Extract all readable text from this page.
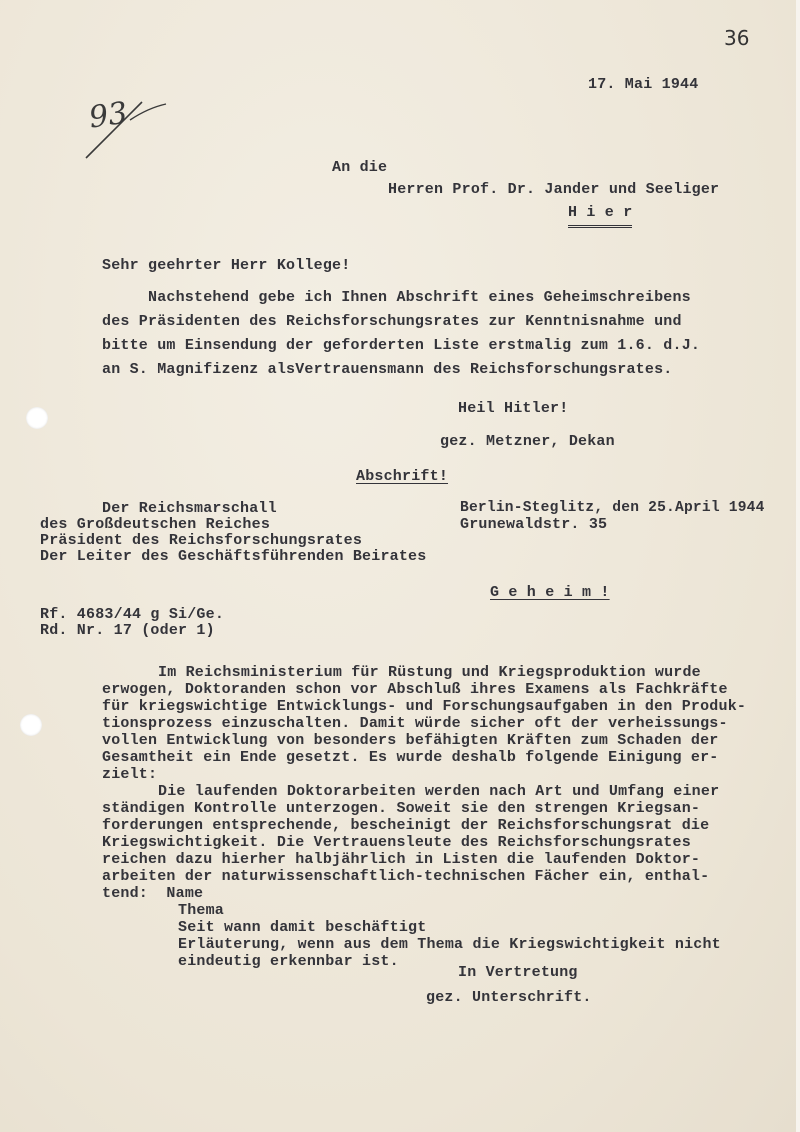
36
93
17. Mai 1944
An die
Herren Prof. Dr. Jander und Seeliger
H i e r
Sehr geehrter Herr Kollege!
Nachstehend gebe ich Ihnen Abschrift eines Geheimschreibens
des Präsidenten des Reichsforschungsrates zur Kenntnisnahme und
bitte um Einsendung der geforderten Liste erstmalig zum 1.6. d.J.
an S. Magnifizenz alsVertrauensmann des Reichsforschungsrates.
Heil Hitler!
gez. Metzner, Dekan
Abschrift!
Der Reichsmarschall
des Großdeutschen Reiches
Präsident des Reichsforschungsrates
Der Leiter des Geschäftsführenden Beirates
Berlin-Steglitz, den 25.April 1944
Grunewaldstr. 35
G e h e i m !
Rf. 4683/44 g Si/Ge.
Rd. Nr. 17 (oder 1)
Im Reichsministerium für Rüstung und Kriegsproduktion wurde
erwogen, Doktoranden schon vor Abschluß ihres Examens als Fachkräfte
für kriegswichtige Entwicklungs- und Forschungsaufgaben in den Produk-
tionsprozess einzuschalten. Damit würde sicher oft der verheissungs-
vollen Entwicklung von besonders befähigten Kräften zum Schaden der
Gesamtheit ein Ende gesetzt. Es wurde deshalb folgende Einigung er-
zielt:
Die laufenden Doktorarbeiten werden nach Art und Umfang einer
ständigen Kontrolle unterzogen. Soweit sie den strengen Kriegsan-
forderungen entsprechende, bescheinigt der Reichsforschungsrat die
Kriegswichtigkeit. Die Vertrauensleute des Reichsforschungsrates
reichen dazu hierher halbjährlich in Listen die laufenden Doktor-
arbeiten der naturwissenschaftlich-technischen Fächer ein, enthal-
tend:  Name
Thema
Seit wann damit beschäftigt
Erläuterung, wenn aus dem Thema die Kriegswichtigkeit nicht
eindeutig erkennbar ist.
In Vertretung
gez. Unterschrift.
